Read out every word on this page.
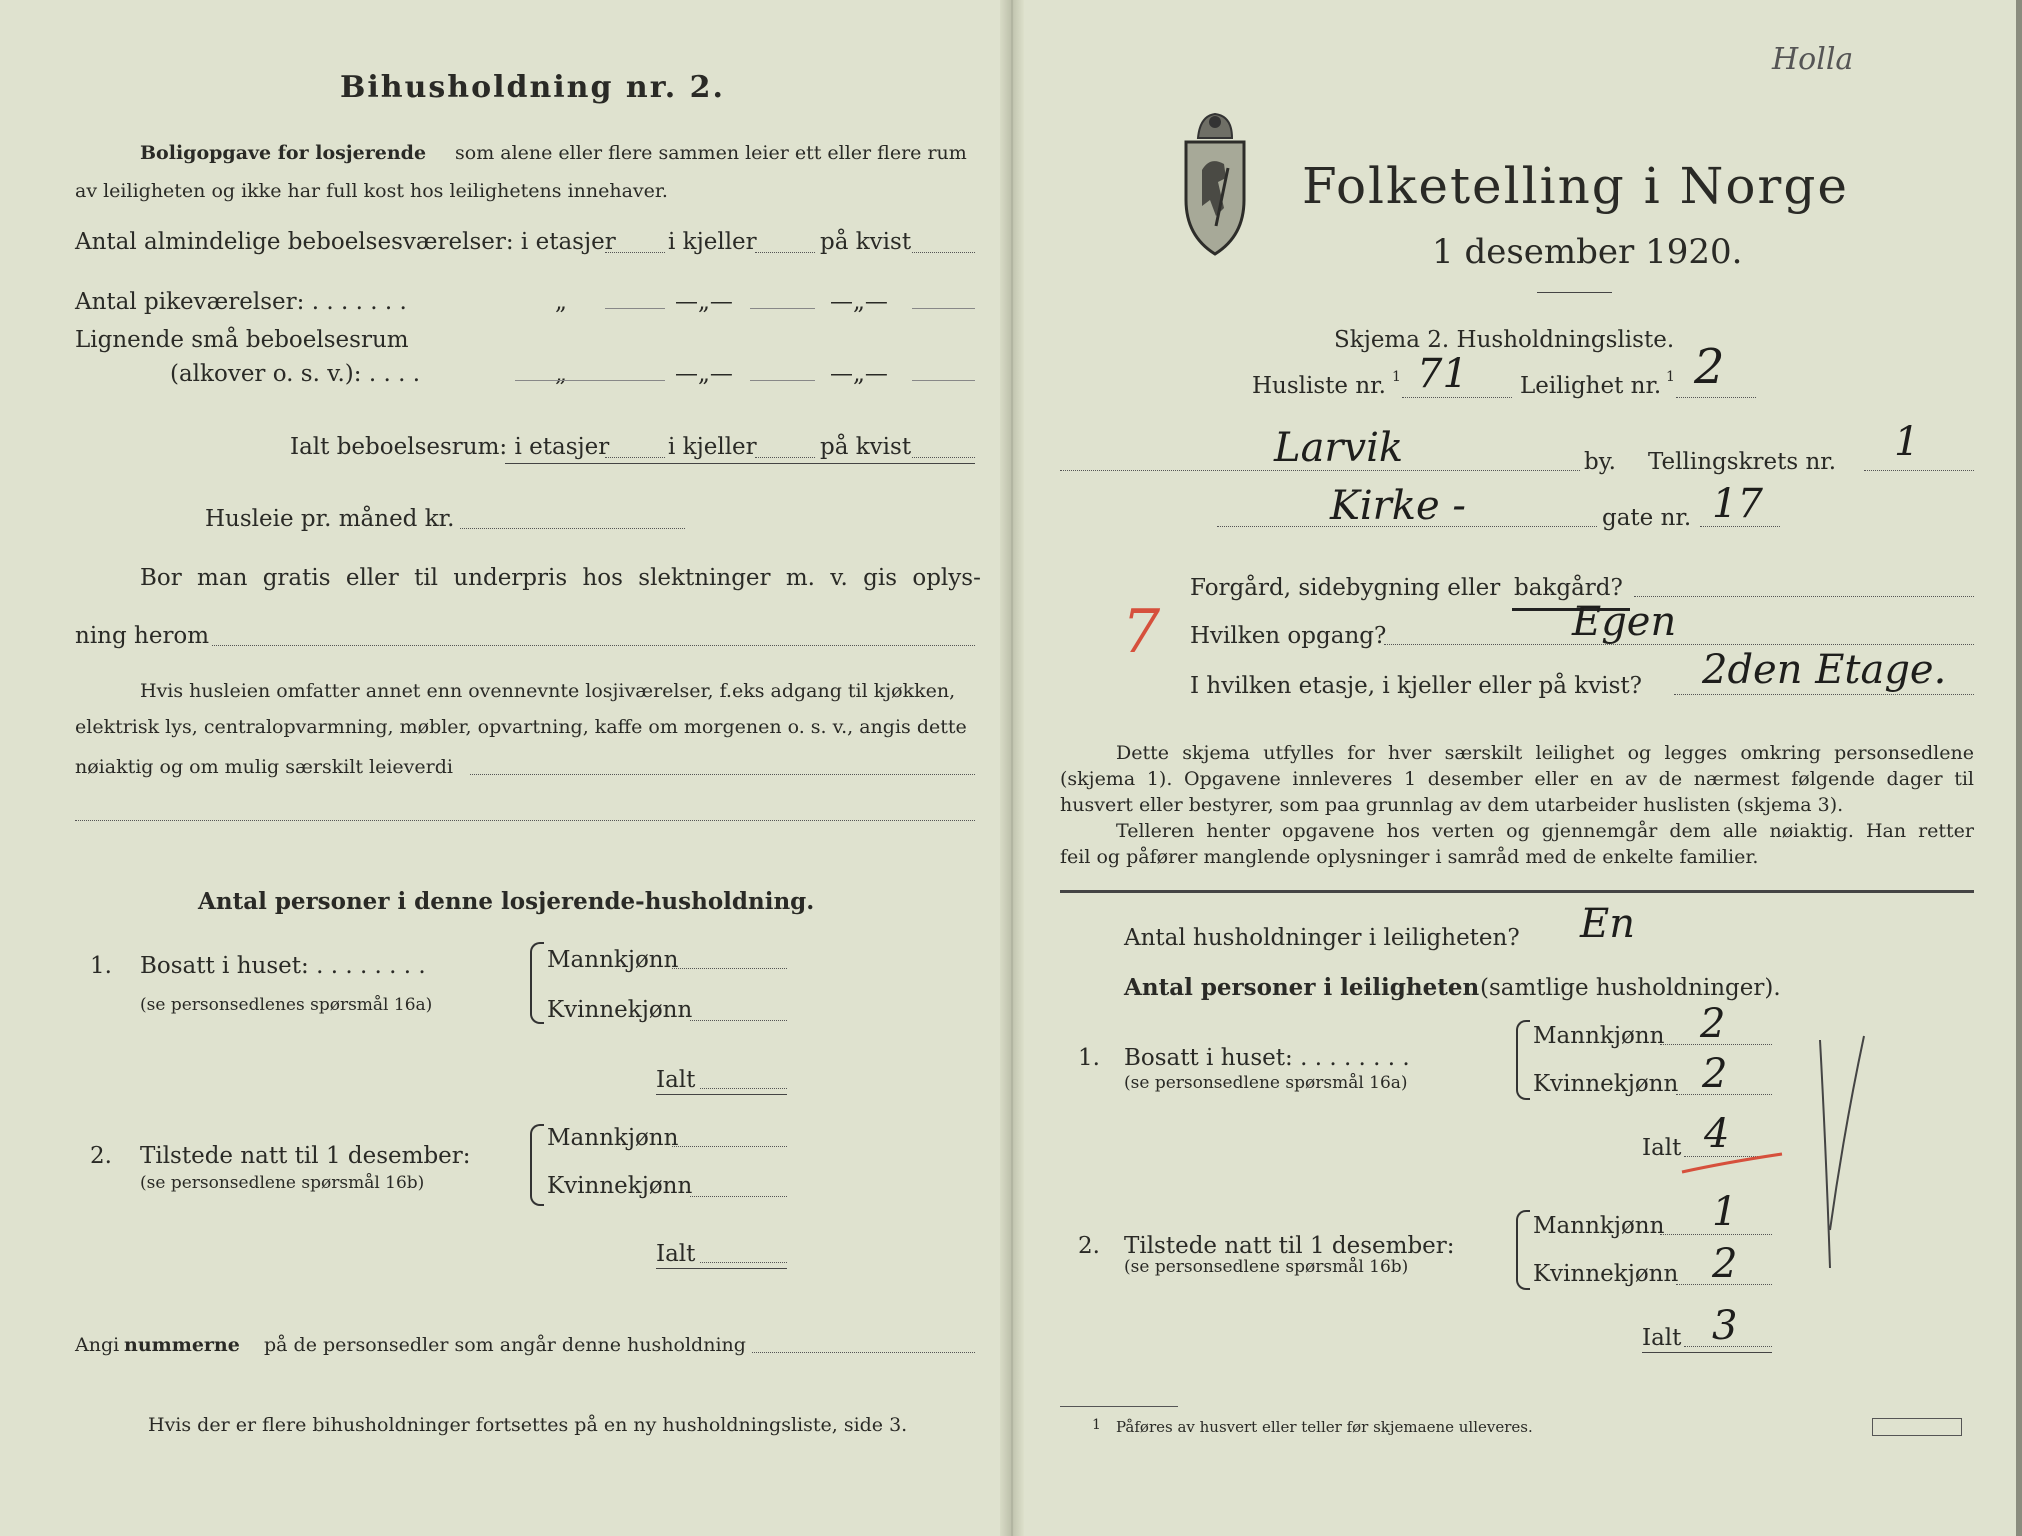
Bihusholdning nr. 2.
Boligopgave for losjerende som alene eller flere sammen leier ett eller flere rum
av leiligheten og ikke har full kost hos leilighetens innehaver.
Antal almindelige beboelsesværelser: i etasjer i kjeller	på kvist
Antal pikeværelser: . . . . . . .	„	—„—	—„—
Lignende små beboelsesrum
(alkover o. s. v.): . . . .	„	—„—	—„—
Ialt beboelsesrum: i etasjer	i kjeller	på kvist
Husleie pr. måned kr.
Bor man gratis eller til underpris hos slektninger m. v. gis oplys-
ning herom
Hvis husleien omfatter annet enn ovennevnte losjiværelser, f.eks adgang til kjøkken,
elektrisk lys, centralopvarmning, møbler, opvartning, kaffe om morgenen o. s. v., angis dette
nøiaktig og om mulig særskilt leieverdi
Antal personer i denne losjerende-husholdning.
1. Bosatt i huset: . . . . . . . .
(se personsedlenes spørsmål 16a)
Mannkjønn
Kvinnekjønn
Ialt
2. Tilstede natt til 1 desember:
(se personsedlene spørsmål 16b)
Mannkjønn
Kvinnekjønn
Ialt
Angi nummerne på de personsedler som angår denne husholdning
Hvis der er flere bihusholdninger fortsettes på en ny husholdningsliste, side 3.
Holla
Folketelling i Norge
1 desember 1920.
Skjema 2. Husholdningsliste.
Husliste nr. 1 71 Leilighet nr. 1 2
Larvik	by. Tellingskrets nr. 1
Kirke -	gate nr. 17
7
Forgård, sidebygning eller bakgård?
Hvilken opgang?	Egen
I hvilken etasje, i kjeller eller på kvist? 2den Etage.
Dette skjema utfylles for hver særskilt leilighet og legges omkring personsedlene
(skjema 1). Opgavene innleveres 1 desember eller en av de nærmest følgende dager til
husvert eller bestyrer, som paa grunnlag av dem utarbeider huslisten (skjema 3).
Telleren henter opgavene hos verten og gjennemgår dem alle nøiaktig. Han retter
feil og påfører manglende oplysninger i samråd med de enkelte familier.
Antal husholdninger i leiligheten? En
Antal personer i leiligheten (samtlige husholdninger).
1. Bosatt i huset: . . . . . . . .
(se personsedlene spørsmål 16a)
Mannkjønn 2
Kvinnekjønn 2
Ialt 4
2. Tilstede natt til 1 desember:
(se personsedlene spørsmål 16b)
Mannkjønn 1
Kvinnekjønn 2
Ialt 3
1 Påføres av husvert eller teller før skjemaene ulleveres.
